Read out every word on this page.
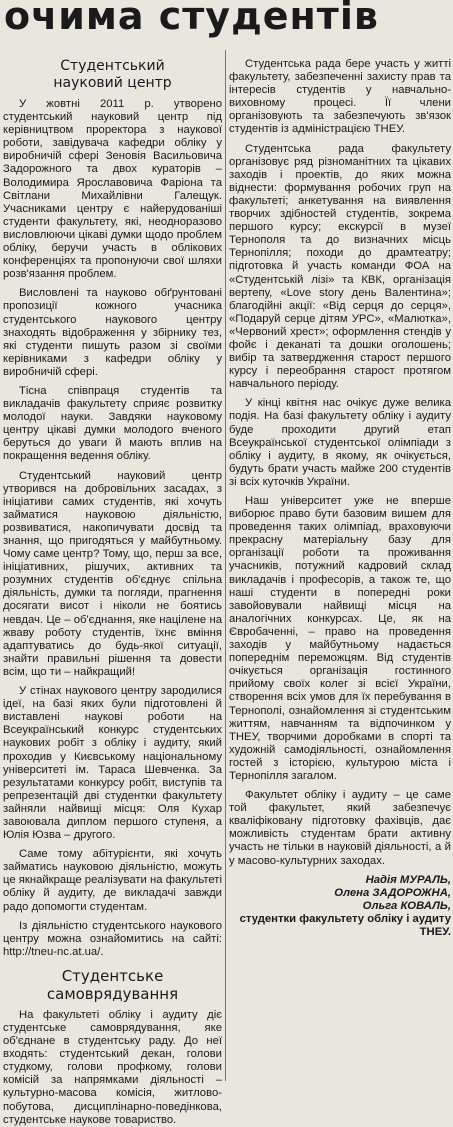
очима студентів
Студентський
науковий центр

У жовтні 2011 р. утворено студентський науковий центр під керівництвом проректора з наукової роботи, завідувача кафедри обліку у виробничій сфері Зеновія Васильовича Задорожного та двох кураторів – Володимира Ярославовича Фаріона та Світлани Михайлівни Галещук. Учасниками центру є найерудованіші студенти факультету, які, неодноразово висловлюючи цікаві думки щодо проблем обліку, беручи участь в облікових конференціях та пропонуючи свої шляхи розв'язання проблем.

Висловлені та науково обґрунтовані пропозиції кожного учасника студентського наукового центру знаходять відображення у збірнику тез, які студенти пишуть разом зі своїми керівниками з кафедри обліку у виробничій сфері.

Тісна співпраця студентів та викладачів факультету сприяє розвитку молодої науки. Завдяки науковому центру цікаві думки молодого вченого беруться до уваги й мають вплив на покращення ведення обліку.

Студентський науковий центр утворився на добровільних засадах, з ініціативи самих студентів, які хочуть займатися науковою діяльністю, розвиватися, накопичувати досвід та знання, що пригодяться у майбутньому. Чому саме центр? Тому, що, перш за все, ініціативних, рішучих, активних та розумних студентів об'єднує спільна діяльність, думки та погляди, прагнення досягати висот і ніколи не боятись невдач. Це – об'єднання, яке націлене на жваву роботу студентів, їхнє вміння адаптуватись до будь-якої ситуації, знайти правильні рішення та довести всім, що ти – найкращий!

У стінах наукового центру зародилися ідеї, на базі яких були підготовлені й виставлені наукові роботи на Всеукраїнський конкурс студентських наукових робіт з обліку і аудиту, який проходив у Києвському національному університеті ім. Тараса Шевченка. За результатами конкурсу робіт, виступів та репрезентацій дві студентки факультету зайняли найвищі місця: Оля Кухар завоювала диплом першого ступеня, а Юлія Юзва – другого.

Саме тому абітурієнти, які хочуть займатись науковою діяльністю, можуть це якнайкраще реалізувати на факультеті обліку й аудиту, де викладачі завжди радо допомогти студентам.

Із діяльністю студентського наукового центру можна ознайомитись на сайті: http://tneu-nc.at.ua/.

Студентське
самоврядування

На факультеті обліку і аудиту діє студентське самоврядування, яке об'єднане в студентську раду. До неї входять: студентський декан, голови студкому, голови профкому, голови комісій за напрямками діяльності – культурно-масова комісія, житлово-побутова, дисциплінарно-поведінкова, студентське наукове товариство.

Студентська рада бере участь у житті факультету, забезпеченні захисту прав та інтересів студентів у навчально-виховному процесі. Її члени організовують та забезпечують зв'язок студентів із адміністрацією ТНЕУ.

Студентська рада факультету організовує ряд різноманітних та цікавих заходів і проектів, до яких можна віднести: формування робочих груп на факультеті; анкетування на виявлення творчих здібностей студентів, зокрема першого курсу; екскурсії в музеї Тернополя та до визначних місць Тернопілля; походи до драмтеатру; підготовка й участь команди ФОА на «Студентській лізі» та КВК, організація вертепу, «Love story день Валентина»; благодійні акції: «Від серця до серця», «Подаруй серце дітям УРС», «Малютка», «Червоний хрест»; оформлення стендів у фойє і деканаті та дошки оголошень; вибір та затвердження старост першого курсу і переобрання старост протягом навчального періоду.

У кінці квітня нас очікує дуже велика подія. На базі факультету обліку і аудиту буде проходити другий етап Всеукраїнської студентської олімпіади з обліку і аудиту, в якому, як очікується, будуть брати участь майже 200 студентів зі всіх куточків України.

Наш університет уже не вперше виборює право бути базовим вишем для проведення таких олімпіад, враховуючи прекрасну матеріальну базу для організації роботи та проживання учасників, потужний кадровий склад викладачів і професорів, а також те, що наші студенти в попередні роки завойовували найвищі місця на аналогічних конкурсах. Це, як на Євробаченні, – право на проведення заходів у майбутньому надається попереднім переможцям. Від студентів очікується організація гостинного прийому своїх колег зі всієї України, створення всіх умов для їх перебування в Тернополі, ознайомлення зі студентським життям, навчанням та відпочинком у ТНЕУ, творчими доробками в спорті та художній самодіяльності, ознайомлення гостей з історією, культурою міста і Тернопілля загалом.

Факультет обліку і аудиту – це саме той факультет, який забезпечує кваліфіковану підготовку фахівців, дає можливість студентам брати активну участь не тільки в науковій діяльності, а й у масово-культурних заходах.

Надія МУРАЛЬ,
Олена ЗАДОРОЖНА,
Ольга КОВАЛЬ,
студентки факультету обліку і аудиту ТНЕУ.
